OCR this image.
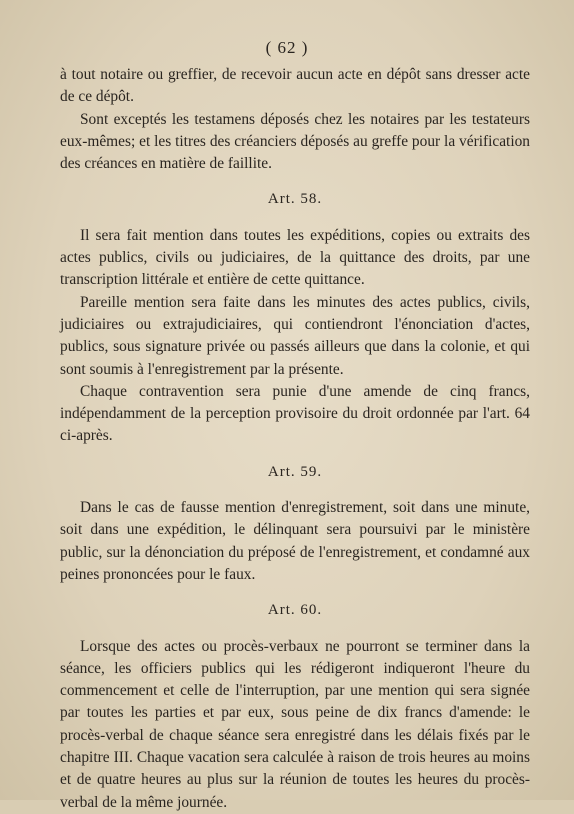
( 62 )

à tout notaire ou greffier, de recevoir aucun acte en dépôt sans dresser acte de ce dépôt.

Sont exceptés les testamens déposés chez les notaires par les testateurs eux-mêmes; et les titres des créanciers déposés au greffe pour la vérification des créances en matière de faillite.

Art. 58.

Il sera fait mention dans toutes les expéditions, copies ou extraits des actes publics, civils ou judiciaires, de la quittance des droits, par une transcription littérale et entière de cette quittance.

Pareille mention sera faite dans les minutes des actes publics, civils, judiciaires ou extrajudiciaires, qui contiendront l'énonciation d'actes, publics, sous signature privée ou passés ailleurs que dans la colonie, et qui sont soumis à l'enregistrement par la présente.

Chaque contravention sera punie d'une amende de cinq francs, indépendamment de la perception provisoire du droit ordonnée par l'art. 64 ci-après.

Art. 59.

Dans le cas de fausse mention d'enregistrement, soit dans une minute, soit dans une expédition, le délinquant sera poursuivi par le ministère public, sur la dénonciation du préposé de l'enregistrement, et condamné aux peines prononcées pour le faux.

Art. 60.

Lorsque des actes ou procès-verbaux ne pourront se terminer dans la séance, les officiers publics qui les rédigeront indiqueront l'heure du commencement et celle de l'interruption, par une mention qui sera signée par toutes les parties et par eux, sous peine de dix francs d'amende: le procès-verbal de chaque séance sera enregistré dans les délais fixés par le chapitre III. Chaque vacation sera calculée à raison de trois heures au moins et de quatre heures au plus sur la réunion de toutes les heures du procès-verbal de la même journée.
